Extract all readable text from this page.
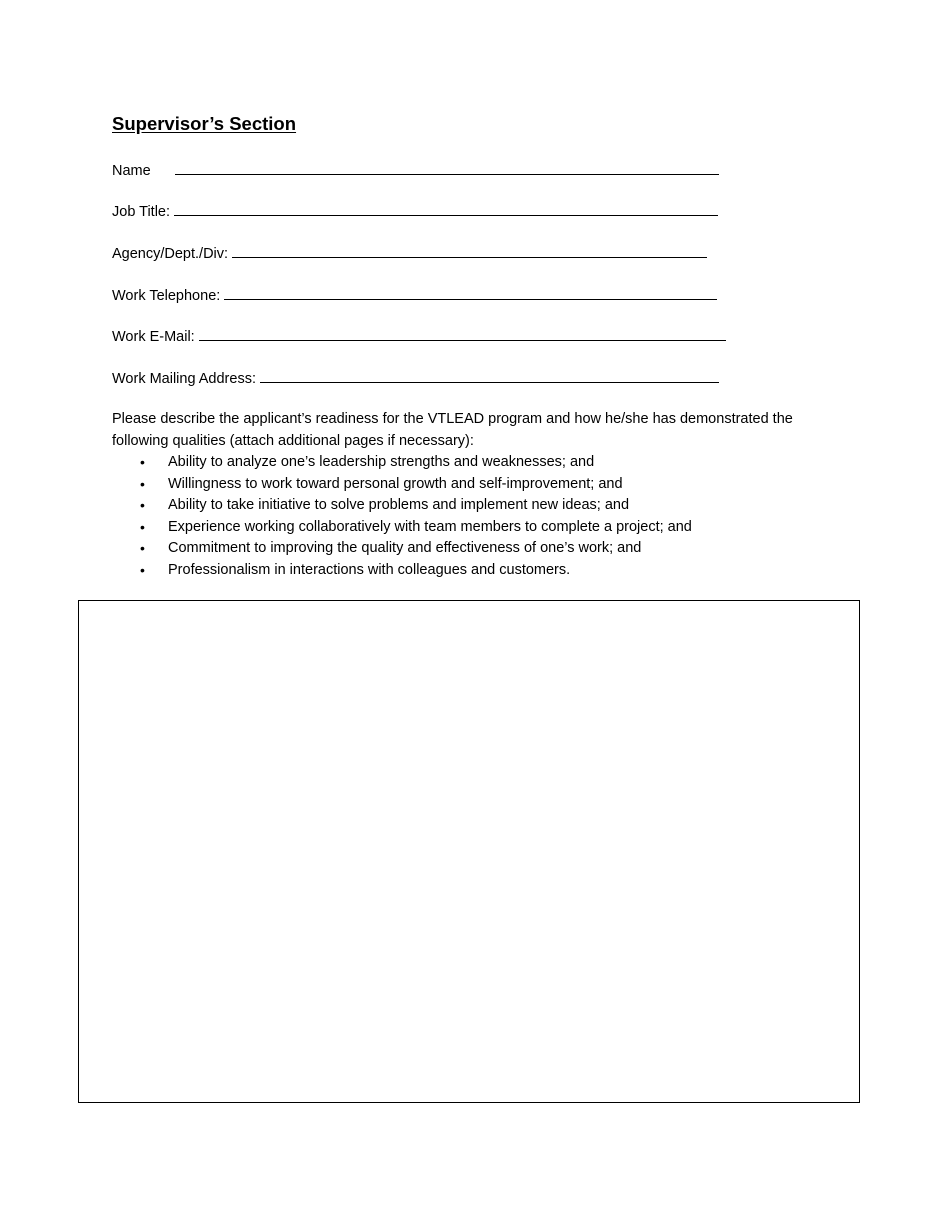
Supervisor’s Section
Name
Job Title:
Agency/Dept./Div:
Work Telephone:
Work E-Mail:
Work Mailing Address:

Please describe the applicant’s readiness for the VTLEAD program and how he/she has demonstrated the following qualities (attach additional pages if necessary):

• Ability to analyze one’s leadership strengths and weaknesses; and
• Willingness to work toward personal growth and self-improvement; and
• Ability to take initiative to solve problems and implement new ideas; and
• Experience working collaboratively with team members to complete a project; and
• Commitment to improving the quality and effectiveness of one’s work; and
• Professionalism in interactions with colleagues and customers.
